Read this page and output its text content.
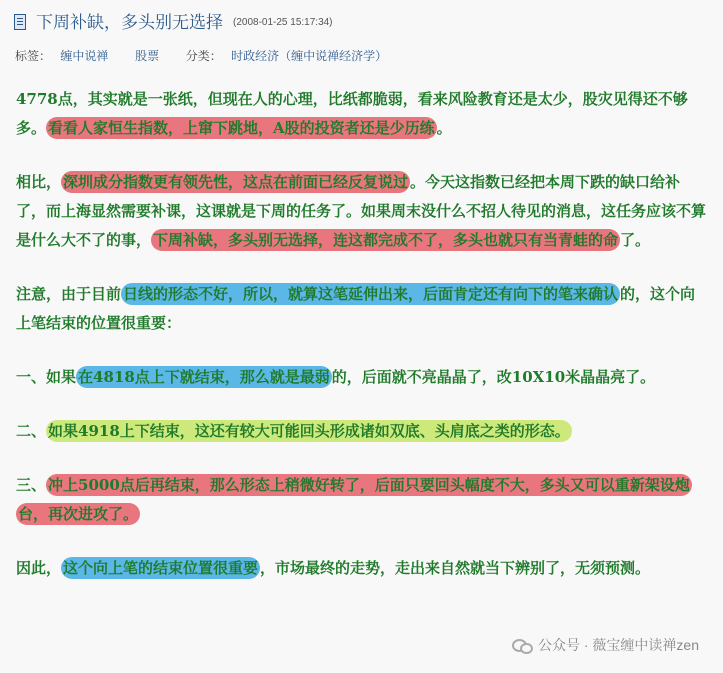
下周补缺，多头别无选择 (2008-01-25 15:17:34)
标签： 缠中说禅 股票 分类： 时政经济（缠中说禅经济学）

4778点，其实就是一张纸，但现在人的心理，比纸都脆弱，看来风险教育还是太少，股灾见得还不够多。 看看人家恒生指数，上窜下跳地，A股的投资者还是少历练 。

相比， 深圳成分指数更有领先性，这点在前面已经反复说过 。今天这指数已经把本周下跌的缺口给补了，而上海显然需要补课，这课就是下周的任务了。如果周末没什么不招人待见的消息，这任务应该不算是什么大不了的事， 下周补缺，多头别无选择，连这都完成不了，多头也就只有当青蛙的命 了。

注意，由于目前 日线的形态不好，所以，就算这笔延伸出来，后面肯定还有向下的笔来确认 的，这个向上笔结束的位置很重要：

一、如果 在4818点上下就结束，那么就是最弱 的，后面就不亮晶晶了，改10X10米晶晶亮了。

二、 如果4918上下结束，这还有较大可能回头形成诸如双底、头肩底之类的形态。

三、 冲上5000点后再结束，那么形态上稍微好转了，后面只要回头幅度不大，多头又可以重新架设炮台，再次进攻了。

因此， 这个向上笔的结束位置很重要 ，市场最终的走势，走出来自然就当下辨别了，无须预测。

公众号 · 薇宝缠中读禅zen
